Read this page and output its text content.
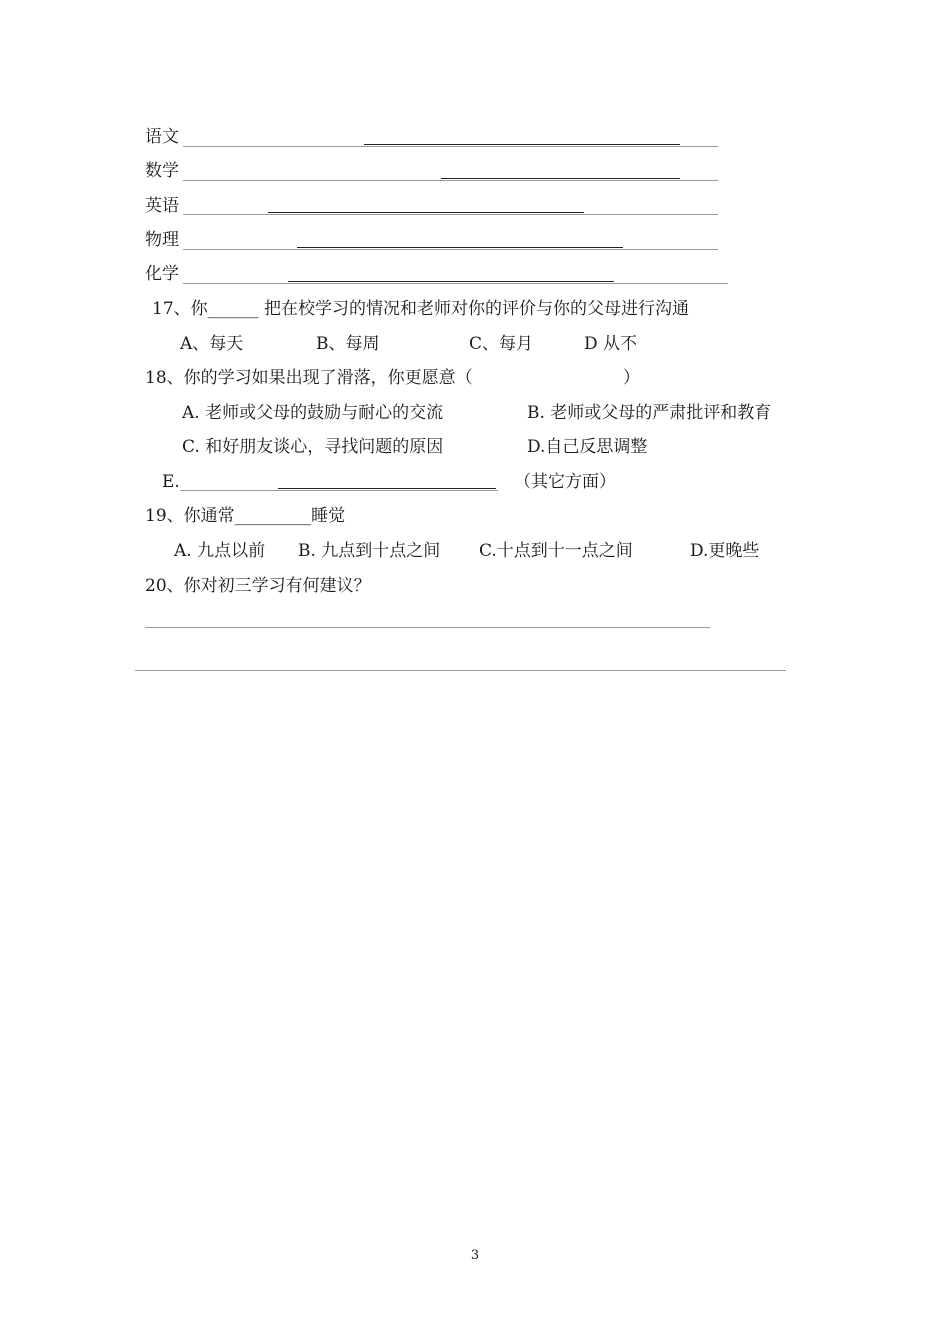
语文
数学
英语
物理
化学
17、你______ 把在校学习的情况和老师对你的评价与你的父母进行沟通
A、每天	B、每周	C、每月	D 从不
18、你的学习如果出现了滑落，你更愿意（	）
A. 老师或父母的鼓励与耐心的交流	B. 老师或父母的严肃批评和教育
C. 和好朋友谈心，寻找问题的原因	D.自己反思调整
E.	（其它方面）
19、你通常_________睡觉
A. 九点以前 B. 九点到十点之间 C.十点到十一点之间	D.更晚些
20、你对初三学习有何建议？
3
